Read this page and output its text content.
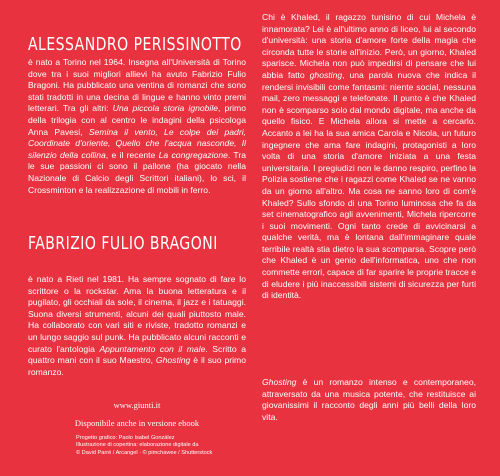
ALESSANDRO PERISSINOTTO

è nato a Torino nel 1964. Insegna all'Università di Torino dove tra i suoi migliori allievi ha avuto Fabrizio Fulio Bragoni. Ha pubblicato una ventina di romanzi che sono stati tradotti in una decina di lingue e hanno vinto premi letterari. Tra gli altri: Una piccola storia ignobile, primo della trilogia con al centro le indagini della psicologa Anna Pavesi, Semina il vento, Le colpe dei padri, Coordinate d'oriente, Quello che l'acqua nasconde, Il silenzio della collina, e il recente La congregazione. Tra le sue passioni ci sono il pallone (ha giocato nella Nazionale di Calcio degli Scrittori italiani), lo sci, il Crossminton e la realizzazione di mobili in ferro.

FABRIZIO FULIO BRAGONI

è nato a Rieti nel 1981. Ha sempre sognato di fare lo scrittore o la rockstar. Ama la buona letteratura e il pugilato, gli occhiali da sole, il cinema, il jazz e i tatuaggi. Suona diversi strumenti, alcuni dei quali piuttosto male. Ha collaborato con vari siti e riviste, tradotto romanzi e un lungo saggio sul punk. Ha pubblicato alcuni racconti e curato l'antologia Appuntamento con il male. Scritto a quattro mani con il suo Maestro, Ghosting è il suo primo romanzo.

www.giunti.it
Disponibile anche in versione ebook
Progetto grafico: Paolo Isabel González
Illustrazione di copertina: elaborazione digitale da
© David Parré / Arcangel · © pimchawee / Shutterstock

Chi è Khaled, il ragazzo tunisino di cui Michela è innamorata? Lei è all'ultimo anno di liceo, lui al secondo d'università: una storia d'amore forte della magia che circonda tutte le storie all'inizio. Però, un giorno, Khaled sparisce. Michela non può impedirsi di pensare che lui abbia fatto ghosting, una parola nuova che indica il rendersi invisibili come fantasmi: niente social, nessuna mail, zero messaggi e telefonate. Il punto è che Khaled non è scomparso solo dal mondo digitale, ma anche da quello fisico. E Michela allora si mette a cercarlo. Accanto a lei ha la sua amica Carola e Nicola, un futuro ingegnere che ama fare indagini, protagonisti a loro volta di una storia d'amore iniziata a una festa universitaria. I pregiudizi non le danno respiro, perfino la Polizia sostiene che i ragazzi come Khaled se ne vanno da un giorno all'altro. Ma cosa ne sanno loro di com'è Khaled? Sullo sfondo di una Torino luminosa che fa da set cinematografico agli avvenimenti, Michela ripercorre i suoi movimenti. Ogni tanto crede di avvicinarsi a qualche verità, ma è lontana dall'immaginare quale terribile realtà stia dietro la sua scomparsa. Scopre però che Khaled è un genio dell'informatica, uno che non commette errori, capace di far sparire le proprie tracce e di eludere i più inaccessibili sistemi di sicurezza per furti di identità.

Ghosting è un romanzo intenso e contemporaneo, attraversato da una musica potente, che restituisce ai giovanissimi il racconto degli anni più belli della loro vita.
